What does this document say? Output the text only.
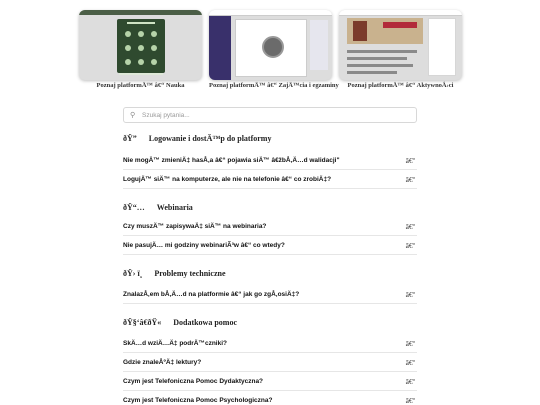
Poznaj platformÄ™ â€“ Nauka	Poznaj platformÄ™ â€“ ZajÄ™cia i egzaminy	Poznaj platformÄ™ â€“ AktywnoÅ›ci
⚲
Szukaj pytania...
ðŸ” Logowanie i dostÄ™p do platformy
Nie mogÄ™ zmieniÄ‡ hasÅ‚a â€“ pojawia siÄ™ â€žbÅ‚Ä…d walidacji"	â€º
LogujÄ™ siÄ™ na komputerze, ale nie na telefonie â€“ co zrobiÄ‡?	â€º
ðŸ“… Webinaria
Czy muszÄ™ zapisywaÄ‡ siÄ™ na webinaria?	â€º
Nie pasujÄ… mi godziny webinariÃ³w â€“ co wtedy?	â€º
ðŸ› ï¸ Problemy techniczne
ZnalazÅ‚em bÅ‚Ä…d na platformie â€“ jak go zgÅ‚osiÄ‡?	â€º
ðŸ§‘â€ðŸ« Dodatkowa pomoc
SkÄ…d wziÄ…Ä‡ podrÄ™czniki?	â€º
Gdzie znaleÅºÄ‡ lektury?	â€º
Czym jest Telefoniczna Pomoc Dydaktyczna?	â€º
Czym jest Telefoniczna Pomoc Psychologiczna?	â€º
